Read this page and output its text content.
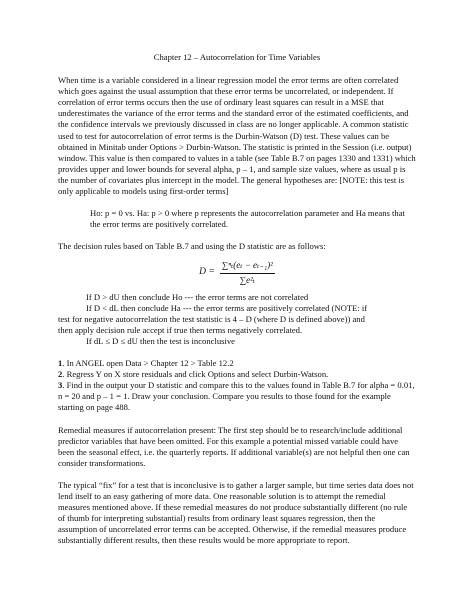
Chapter 12 – Autocorrelation for Time Variables

When time is a variable considered in a linear regression model the error terms are often correlated which goes against the usual assumption that these error terms be uncorrelated, or independent. If correlation of error terms occurs then the use of ordinary least squares can result in a MSE that underestimates the variance of the error terms and the standard error of the estimated coefficients, and the confidence intervals we previously discussed in class are no longer applicable. A common statistic used to test for autocorrelation of error terms is the Durbin-Watson (D) test. These values can be obtained in Minitab under Options > Durbin-Watson. The statistic is printed in the Session (i.e. output) window. This value is then compared to values in a table (see Table B.7 on pages 1330 and 1331) which provides upper and lower bounds for several alpha, p – 1, and sample size values, where as usual p is the number of covariates plus intercept in the model. The general hypotheses are: [NOTE: this test is only applicable to models using first-order terms]

Ho: p = 0 vs. Ha: p > 0 where p represents the autocorrelation parameter and Ha means that the error terms are positively correlated.

The decision rules based on Table B.7 and using the D statistic are as follows:

$D = \frac{\text{∑ⁿₜ(eₜ − eₜ₋₁)²}}{\text{∑e²ₜ}}$

If D > dU then conclude Ho --- the error terms are not correlated

If D < dL then conclude Ha --- the error terms are positively correlated (NOTE: if

test for negative autocorrelation the test statistic is 4 – D (where D is defined above)) and

then apply decision rule accept if true then terms negatively correlated.

If dL ≤ D ≤ dU then the test is inconclusive

1. In ANGEL open Data > Chapter 12 > Table 12.2

2. Regress Y on X store residuals and click Options and select Durbin-Watson.

3. Find in the output your D statistic and compare this to the values found in Table B.7 for alpha = 0.01, n = 20 and p – 1 = 1. Draw your conclusion. Compare you results to those found for the example starting on page 488.

Remedial measures if autocorrelation present: The first step should be to research/include additional predictor variables that have been omitted. For this example a potential missed variable could have been the seasonal effect, i.e. the quarterly reports. If additional variable(s) are not helpful then one can consider transformations.

The typical “fix” for a test that is inconclusive is to gather a larger sample, but time series data does not lend itself to an easy gathering of more data. One reasonable solution is to attempt the remedial measures mentioned above. If these remedial measures do not produce substantially different (no rule of thumb for interpreting substantial) results from ordinary least squares regression, then the assumption of uncorrelated error terms can be accepted. Otherwise, if the remedial measures produce substantially different results, then these results would be more appropriate to report.
